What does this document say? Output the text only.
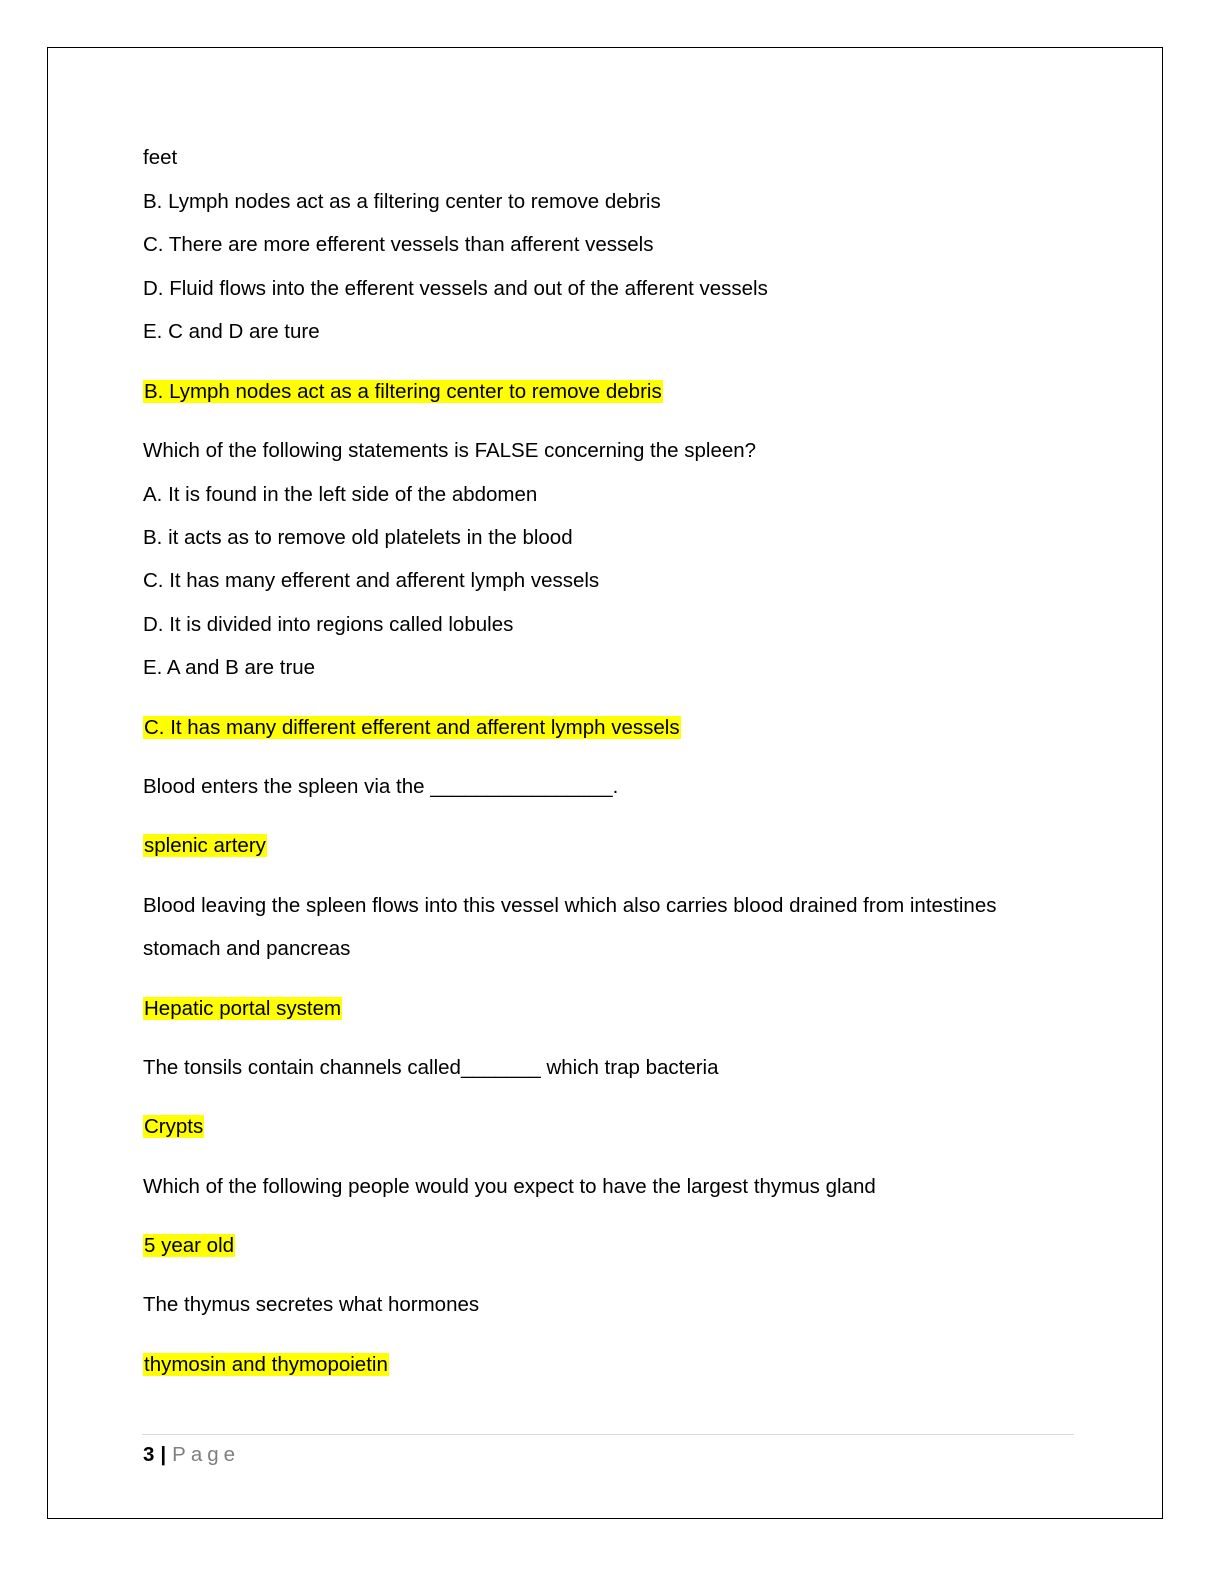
feet
B. Lymph nodes act as a filtering center to remove debris
C. There are more efferent vessels than afferent vessels
D. Fluid flows into the efferent vessels and out of the afferent vessels
E. C and D are ture
B. Lymph nodes act as a filtering center to remove debris
Which of the following statements is FALSE concerning the spleen?
A. It is found in the left side of the abdomen
B. it acts as to remove old platelets in the blood
C. It has many efferent and afferent lymph vessels
D. It is divided into regions called lobules
E. A and B are true
C. It has many different efferent and afferent lymph vessels
Blood enters the spleen via the ________________.
splenic artery
Blood leaving the spleen flows into this vessel which also carries blood drained from intestines
stomach and pancreas
Hepatic portal system
The tonsils contain channels called_______ which trap bacteria
Crypts
Which of the following people would you expect to have the largest thymus gland
5 year old
The thymus secretes what hormones
thymosin and thymopoietin
3 | Page
